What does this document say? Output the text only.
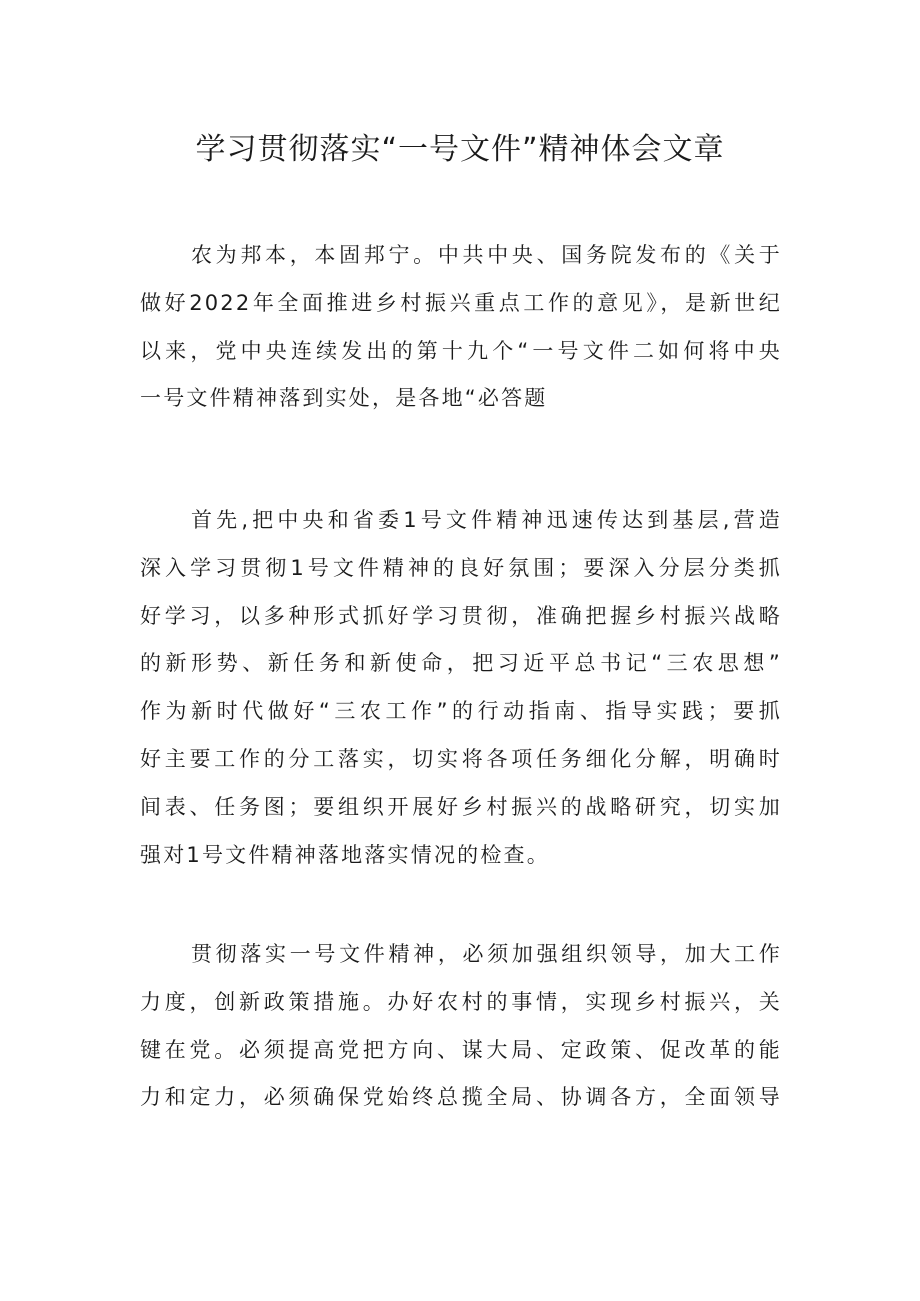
学习贯彻落实“一号文件”精神体会文章
农为邦本，本固邦宁。中共中央、国务院发布的《关于
做好2022年全面推进乡村振兴重点工作的意见》，是新世纪
以来，党中央连续发出的第十九个“一号文件二如何将中央
一号文件精神落到实处，是各地“必答题
首先,把中央和省委1号文件精神迅速传达到基层,营造
深入学习贯彻1号文件精神的良好氛围；要深入分层分类抓
好学习，以多种形式抓好学习贯彻，准确把握乡村振兴战略
的新形势、新任务和新使命，把习近平总书记“三农思想”
作为新时代做好“三农工作”的行动指南、指导实践；要抓
好主要工作的分工落实，切实将各项任务细化分解，明确时
间表、任务图；要组织开展好乡村振兴的战略研究，切实加
强对1号文件精神落地落实情况的检查。
贯彻落实一号文件精神，必须加强组织领导，加大工作
力度，创新政策措施。办好农村的事情，实现乡村振兴，关
键在党。必须提高党把方向、谋大局、定政策、促改革的能
力和定力，必须确保党始终总揽全局、协调各方，全面领导
